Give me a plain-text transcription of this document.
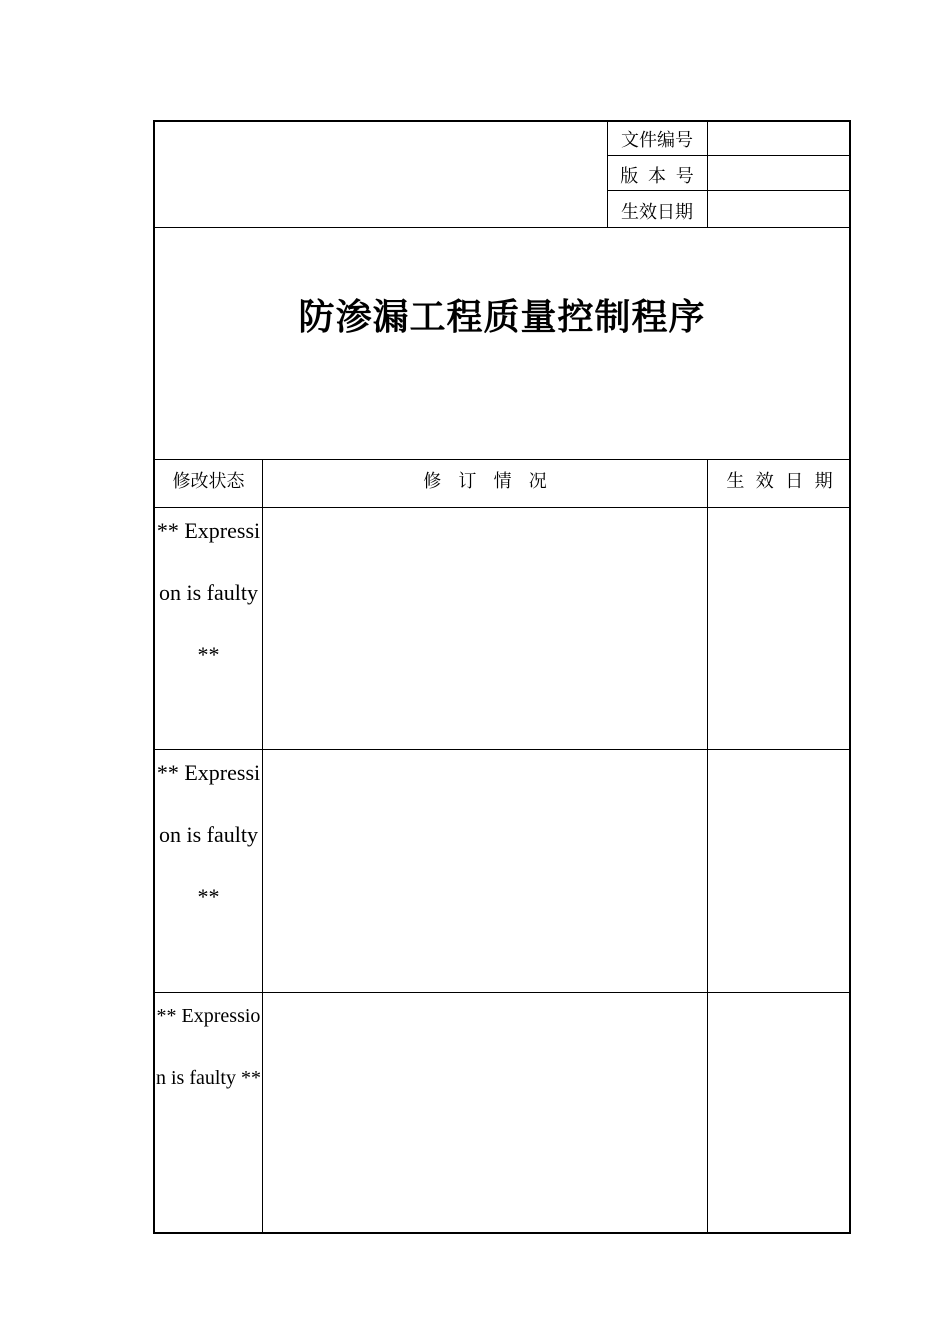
文件编号
版 本 号
生效日期
防渗漏工程质量控制程序
修改状态	修   订   情   况	生  效  日  期
** Expression is faulty **
** Expression is faulty **
** Expression is faulty **
